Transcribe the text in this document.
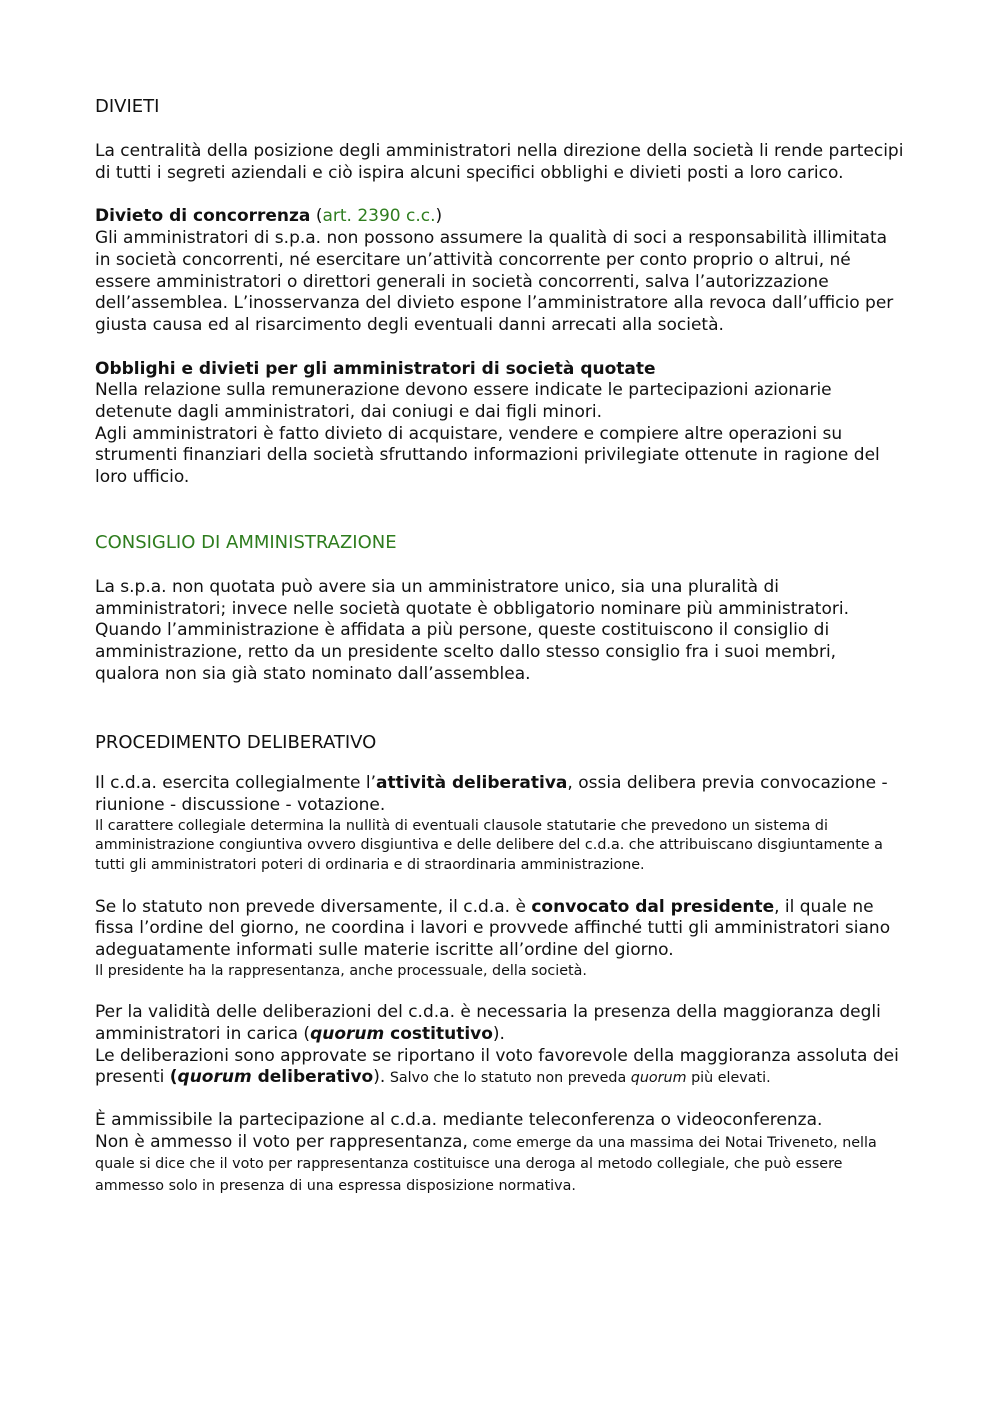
DIVIETI

La centralità della posizione degli amministratori nella direzione della società li rende partecipi di tutti i segreti aziendali e ciò ispira alcuni specifici obblighi e divieti posti a loro carico.

Divieto di concorrenza (art. 2390 c.c.)

Gli amministratori di s.p.a. non possono assumere la qualità di soci a responsabilità illimitata in società concorrenti, né esercitare un’attività concorrente per conto proprio o altrui, né essere amministratori o direttori generali in società concorrenti, salva l’autorizzazione dell’assemblea. L’inosservanza del divieto espone l’amministratore alla revoca dall’ufficio per giusta causa ed al risarcimento degli eventuali danni arrecati alla società.

Obblighi e divieti per gli amministratori di società quotate

Nella relazione sulla remunerazione devono essere indicate le partecipazioni azionarie detenute dagli amministratori, dai coniugi e dai figli minori.

Agli amministratori è fatto divieto di acquistare, vendere e compiere altre operazioni su strumenti finanziari della società sfruttando informazioni privilegiate ottenute in ragione del loro ufficio.

CONSIGLIO DI AMMINISTRAZIONE

La s.p.a. non quotata può avere sia un amministratore unico, sia una pluralità di amministratori; invece nelle società quotate è obbligatorio nominare più amministratori.

Quando l’amministrazione è affidata a più persone, queste costituiscono il consiglio di amministrazione, retto da un presidente scelto dallo stesso consiglio fra i suoi membri, qualora non sia già stato nominato dall’assemblea.

PROCEDIMENTO DELIBERATIVO

Il c.d.a. esercita collegialmente l’attività deliberativa, ossia delibera previa convocazione - riunione - discussione - votazione.

Il carattere collegiale determina la nullità di eventuali clausole statutarie che prevedono un sistema di amministrazione congiuntiva ovvero disgiuntiva e delle delibere del c.d.a. che attribuiscano disgiuntamente a tutti gli amministratori poteri di ordinaria e di straordinaria amministrazione.

Se lo statuto non prevede diversamente, il c.d.a. è convocato dal presidente, il quale ne fissa l’ordine del giorno, ne coordina i lavori e provvede affinché tutti gli amministratori siano adeguatamente informati sulle materie iscritte all’ordine del giorno.

Il presidente ha la rappresentanza, anche processuale, della società.

Per la validità delle deliberazioni del c.d.a. è necessaria la presenza della maggioranza degli amministratori in carica (quorum costitutivo).

Le deliberazioni sono approvate se riportano il voto favorevole della maggioranza assoluta dei presenti (quorum deliberativo). Salvo che lo statuto non preveda quorum più elevati.

È ammissibile la partecipazione al c.d.a. mediante teleconferenza o videoconferenza.

Non è ammesso il voto per rappresentanza, come emerge da una massima dei Notai Triveneto, nella quale si dice che il voto per rappresentanza costituisce una deroga al metodo collegiale, che può essere ammesso solo in presenza di una espressa disposizione normativa.
